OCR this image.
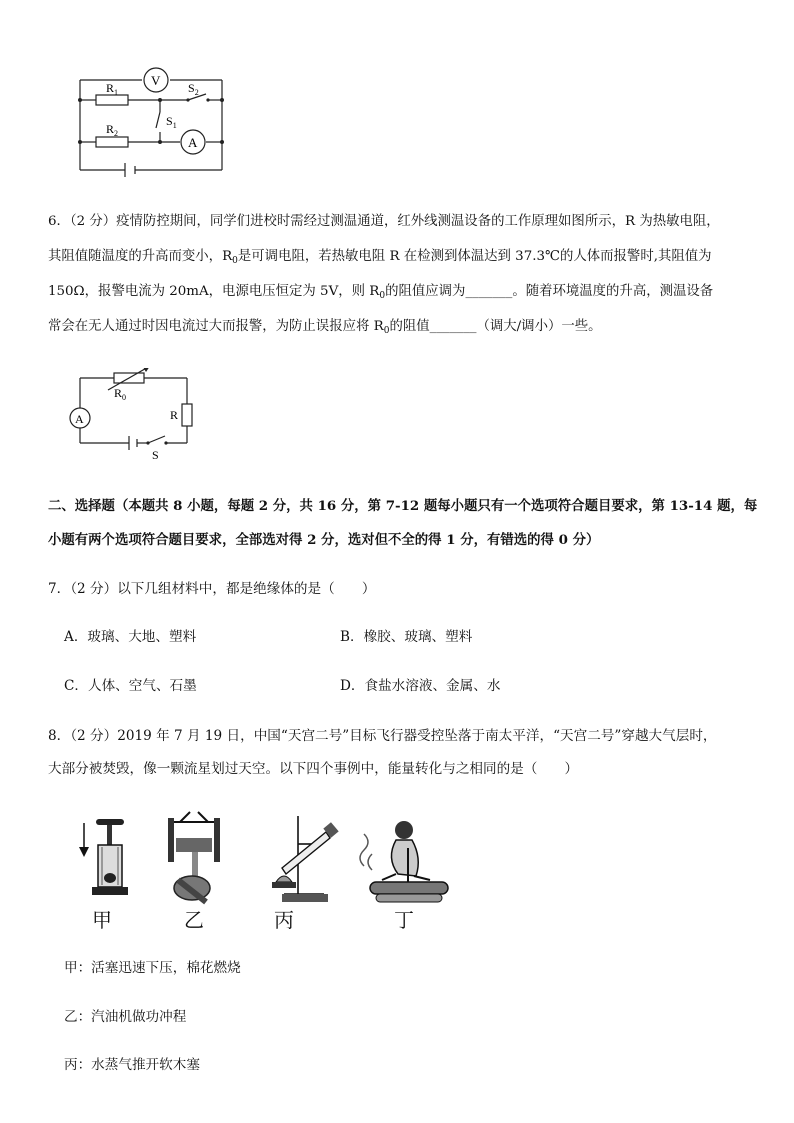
V
A
$R_1$
$R_2$
$S_2$
$S_1$
6．（2 分）疫情防控期间，同学们进校时需经过测温通道，红外线测温设备的工作原理如图所示，R 为热敏电阻，
其阻值随温度的升高而变小，$R_0$是可调电阻，若热敏电阻 R 在检测到体温达到 37.3℃的人体而报警时,其阻值为
150Ω，报警电流为 20mA，电源电压恒定为 5V，则 $R_0$的阻值应调为_______。随着环境温度的升高，测温设备
常会在无人通过时因电流过大而报警，为防止误报应将 $R_0$的阻值_______（调大/调小）一些。
A
$R_0$
R
S
二、选择题（本题共 8 小题，每题 2 分，共 16 分，第 7-12 题每小题只有一个选项符合题目要求，第 13-14 题，每
小题有两个选项符合题目要求，全部选对得 2 分，选对但不全的得 1 分，有错选的得 0 分）
7．（2 分）以下几组材料中，都是绝缘体的是（　　）
A．玻璃、大地、塑料	B．橡胶、玻璃、塑料
C．人体、空气、石墨	D．食盐水溶液、金属、水
8．（2 分）2019 年 7 月 19 日，中国“天宫二号”目标飞行器受控坠落于南太平洋，“天宫二号”穿越大气层时，
大部分被焚毁，像一颗流星划过天空。以下四个事例中，能量转化与之相同的是（　　）
甲	乙	丙	丁
甲：活塞迅速下压，棉花燃烧
乙：汽油机做功冲程
丙：水蒸气推开软木塞
